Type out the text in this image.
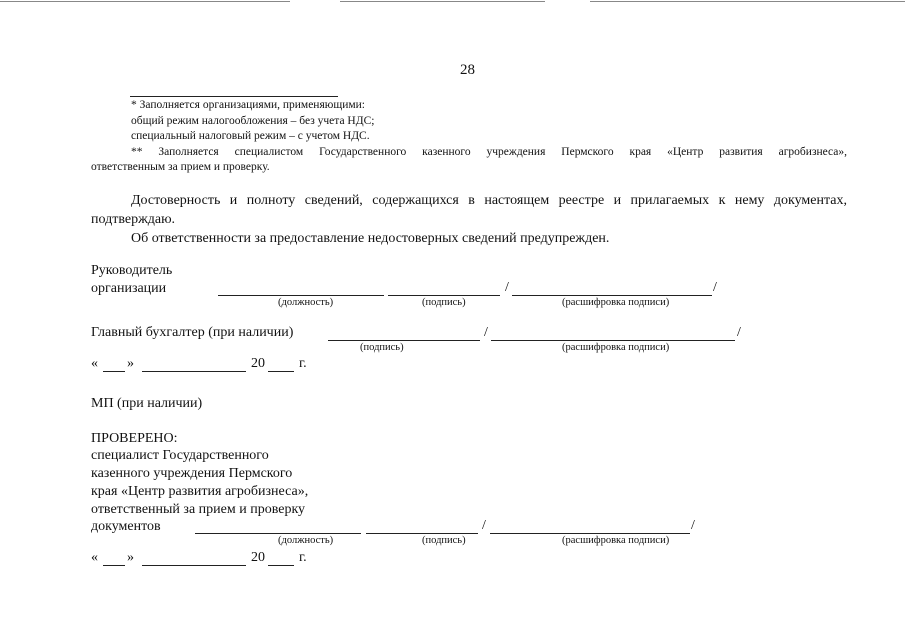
28
* Заполняется организациями, применяющими:
общий режим налогообложения – без учета НДС;
специальный налоговый режим – с учетом НДС.
** Заполняется специалистом Государственного казенного учреждения Пермского края «Центр развития агробизнеса»,
ответственным за прием и проверку.
Достоверность и полноту сведений, содержащихся в настоящем реестре и прилагаемых к нему документах,
подтверждаю.
Об ответственности за предоставление недостоверных сведений предупрежден.
Руководитель
организации	/	/
(должность)	(подпись)	(расшифровка подписи)
Главный бухгалтер (при наличии)	/	/
(подпись)	(расшифровка подписи)
« »	20 г.
МП (при наличии)
ПРОВЕРЕНО:
специалист Государственного
казенного учреждения Пермского
края «Центр развития агробизнеса»,
ответственный за прием и проверку
документов	/	/
(должность)	(подпись)	(расшифровка подписи)
« »	20 г.
